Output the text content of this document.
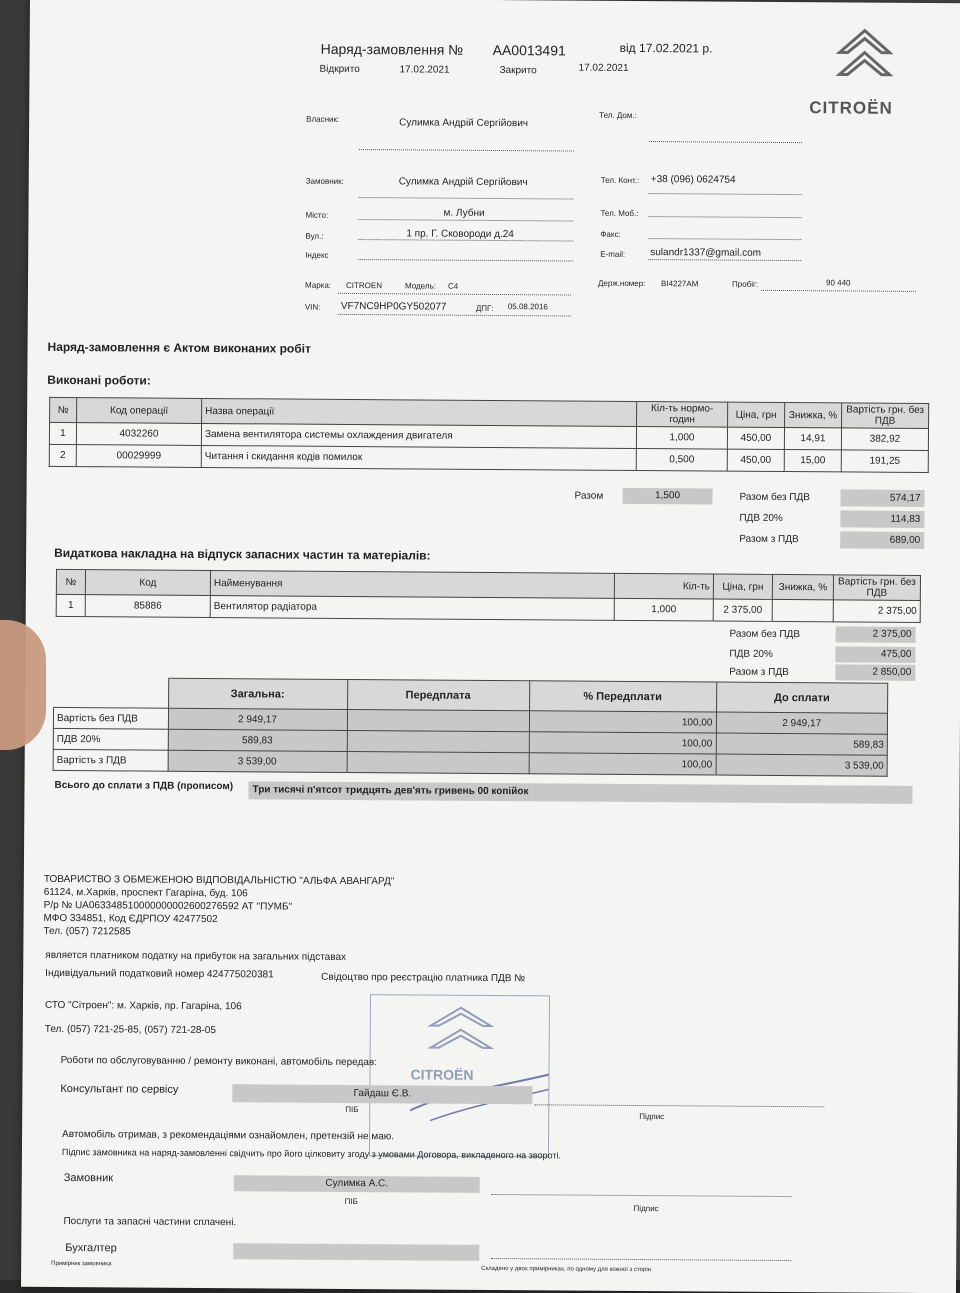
Наряд-замовлення № AA0013491	від 17.02.2021 р.
Відкрито	17.02.2021	Закрито	17.02.2021
CITROËN
Власник:	Сулимка Андрій Сергійович
Тел. Дом.:
Замовник:	Сулимка Андрій Сергійович	Тел. Конт.: +38 (096) 0624754
Місто:	м. Лубни	Тел. Моб.:
Вул.:	1 пр. Г. Сковороди д.24	Факс:
Індекс	E-mail:	sulandr1337@gmail.com
Марка: CITROEN	Модель: C4	Держ.номер: BI4227AM	Пробіг:	90 440
VIN: VF7NC9HP0GY502077	ДПГ: 05.08.2016
Наряд-замовлення є Актом виконаних робіт
Виконані роботи:
№	Код операції	Назва операції	Кіл-ть нормо-годин	Ціна, грн	Знижка, %	Вартість грн. без ПДВ
1	4032260	Замена вентилятора системы охлаждения двигателя	1,000	450,00	14,91	382,92
2	00029999	Читання і скидання кодів помилок	0,500	450,00	15,00	191,25
Разом	1,500	Разом без ПДВ	574,17
ПДВ 20%	114,83
Разом з ПДВ	689,00
Видаткова накладна на відпуск запасних частин та матеріалів:
№	Код	Найменування	Кіл-ть	Ціна, грн	Знижка, %	Вартість грн. без ПДВ
1	85886	Вентилятор радіатора	1,000	2 375,00		2 375,00
Разом без ПДВ	2 375,00
ПДВ 20%	475,00
Разом з ПДВ	2 850,00
	Загальна:	Передплата	% Передплати	До сплати
Вартість без ПДВ	2 949,17		100,00	2 949,17
ПДВ 20%	589,83		100,00	589,83
Вартість з ПДВ	3 539,00		100,00	3 539,00
Всього до сплати з ПДВ (прописом)	Три тисячі п'ятсот тридцять дев'ять гривень 00 копійок
ТОВАРИСТВО З ОБМЕЖЕНОЮ ВІДПОВІДАЛЬНІСТЮ "АЛЬФА АВАНГАРД"
61124, м.Харків, проспект Гагаріна, буд. 106
Р/р № UA063348510000000002600276592 АТ "ПУМБ"
МФО 334851, Код ЄДРПОУ 42477502
Тел. (057) 7212585
является платником податку на прибуток на загальних підставах
Індивідуальний податковий номер 424775020381	Свідоцтво про реєстрацію платника ПДВ №
СТО "Сітроен": м. Харків, пр. Гагаріна, 106
Тел. (057) 721-25-85, (057) 721-28-05
CITROËN
Роботи по обслуговуванню / ремонту виконані, автомобіль передав:
Консультант по сервісу	Гайдаш Є.В.
ПІБ
Підпис
Автомобіль отримав, з рекомендаціями ознайомлен, претензій не маю.
Підпис замовника на наряд-замовленні свідчить про його цілковиту згоду з умовами Договора, викладеного на звороті.
Замовник	Сулимка А.С.
ПІБ
Підпис
Послуги та запасні частини сплачені.
Бухгалтер
Примірник замовника
Складено у двох примірниках, по одному для кожної з сторін
